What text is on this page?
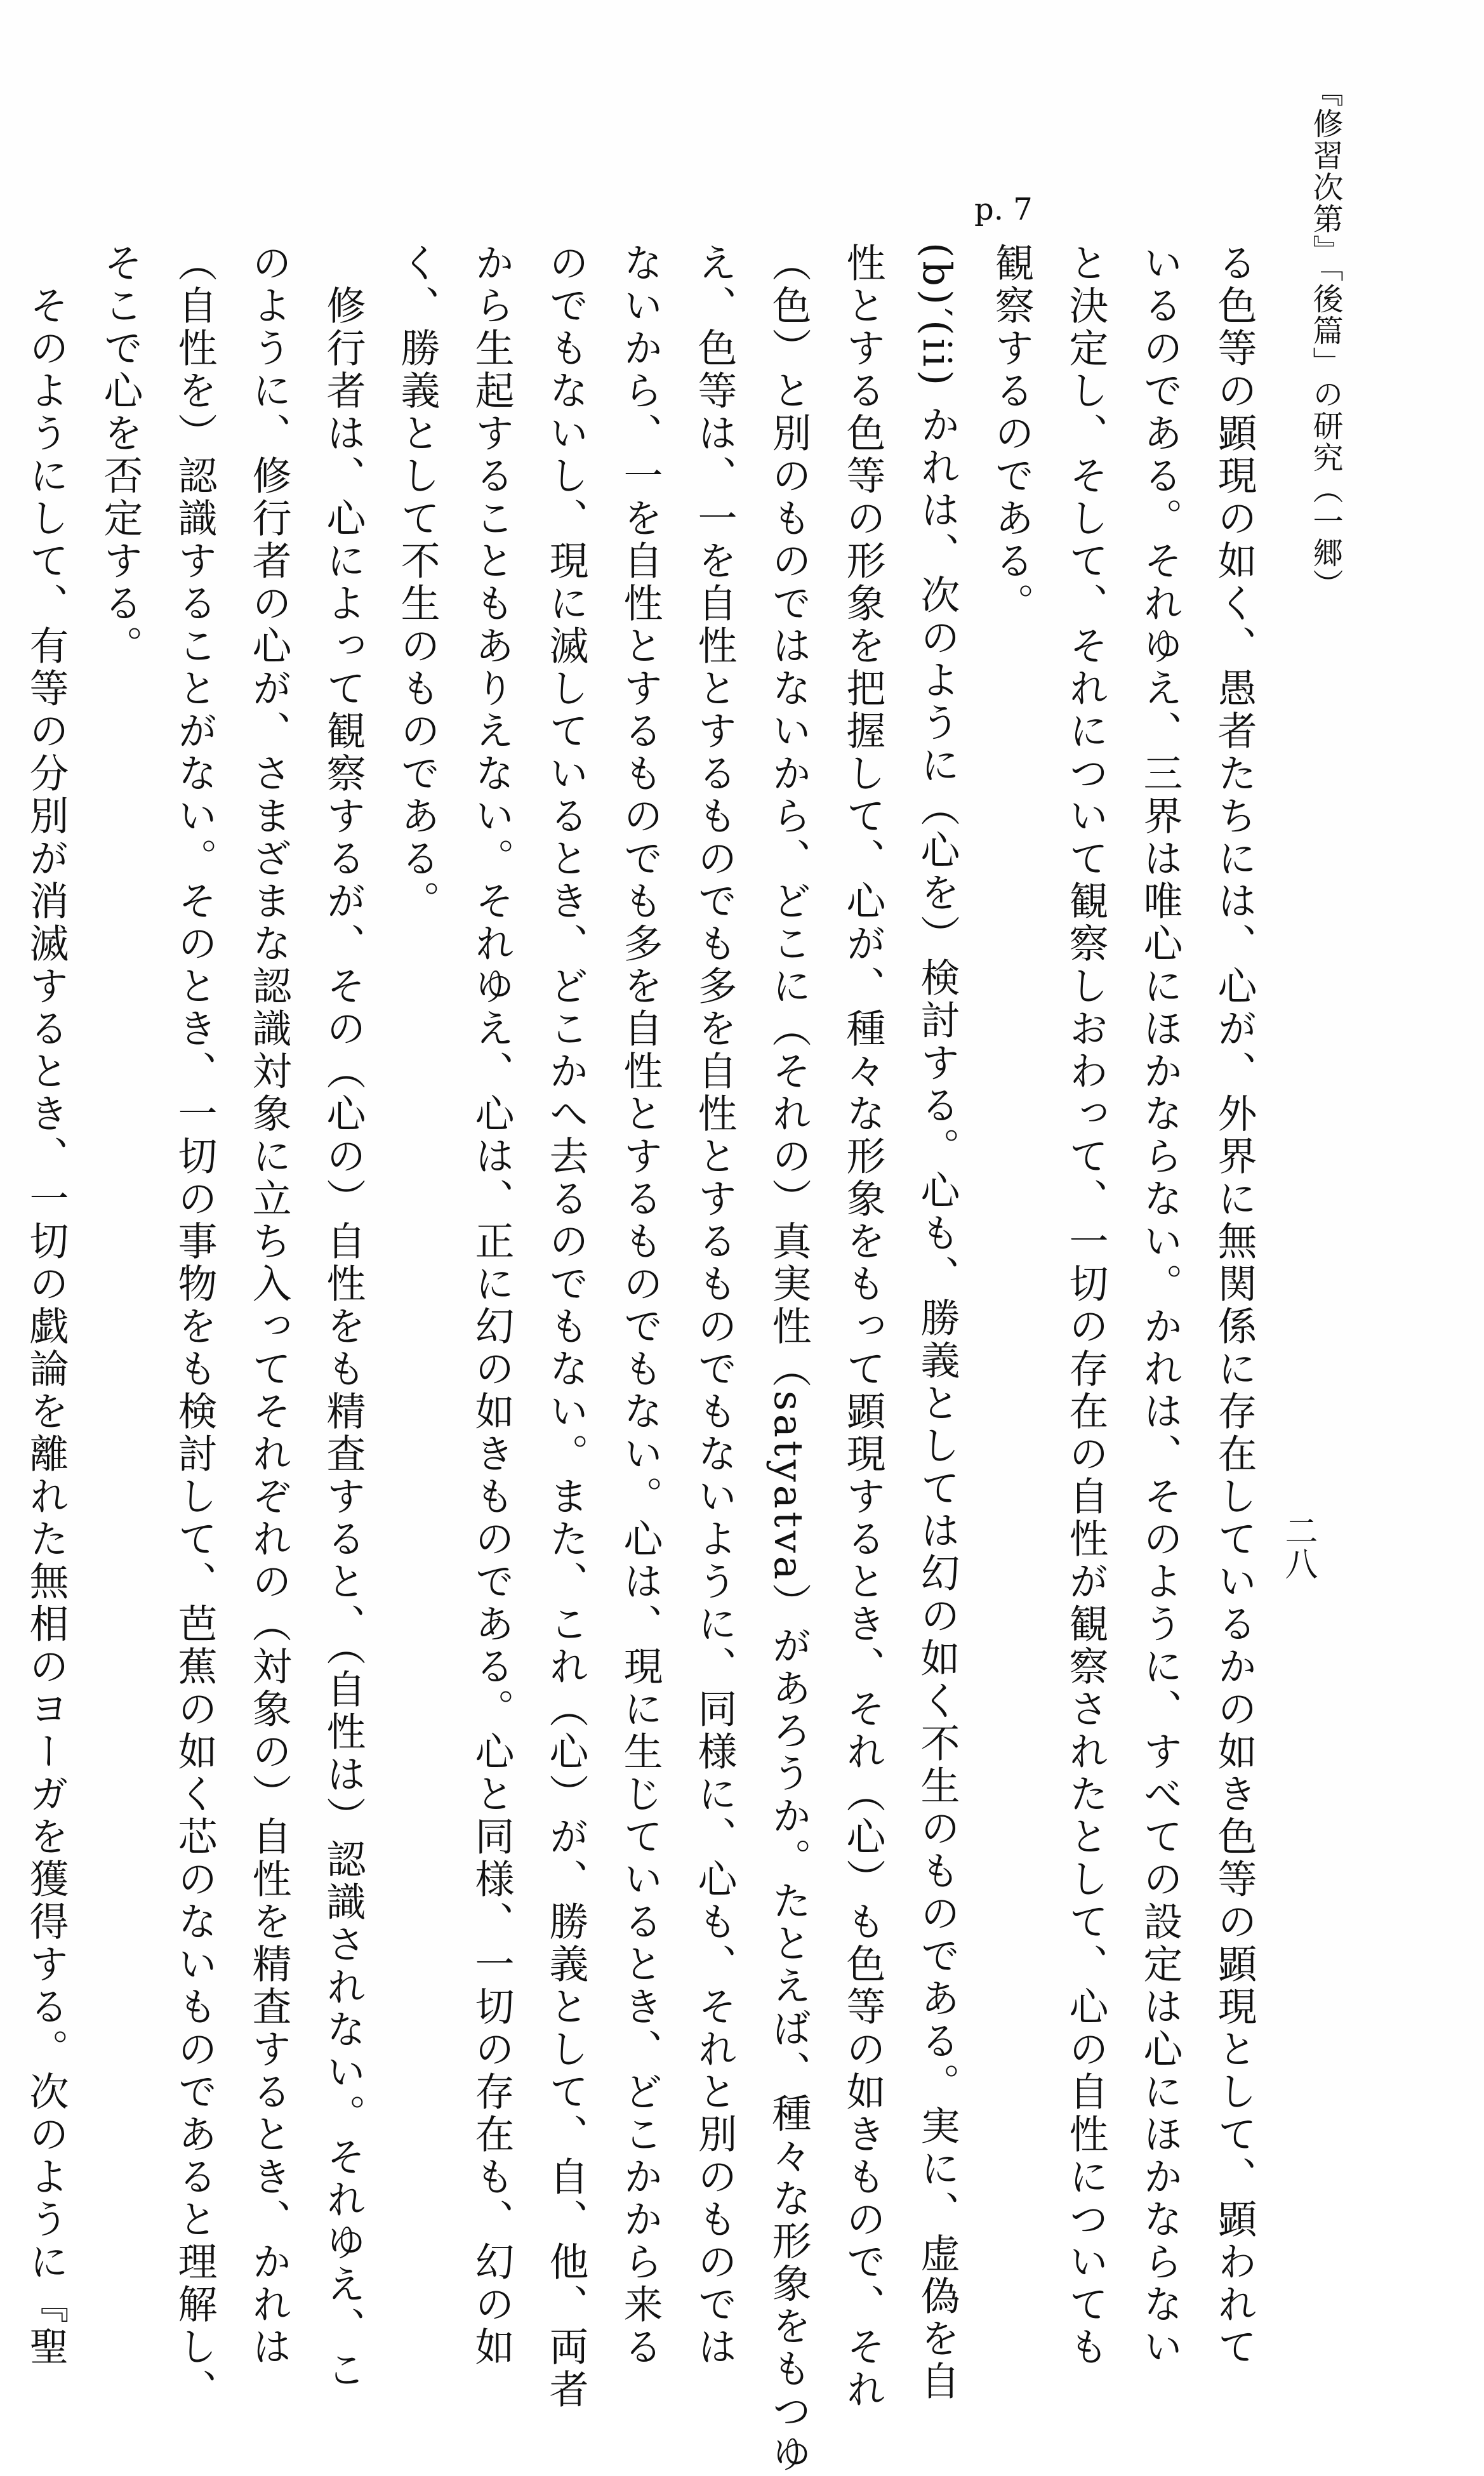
『修習次第』「後篇」の研究（一郷）
二八
p. 7
る色等の顕現の如く、愚者たちには、心が、外界に無関係に存在しているかの如き色等の顕現として、顕われて
いるのである。それゆえ、三界は唯心にほかならない。かれは、そのように、すべての設定は心にほかならない
と決定し、そして、それについて観察しおわって、一切の存在の自性が観察されたとして、心の自性についても
観察するのである。
(b)′(ii) かれは、次のように（心を）検討する。心も、勝義としては幻の如く不生のものである。実に、虚偽を自
性とする色等の形象を把握して、心が、種々な形象をもって顕現するとき、それ（心）も色等の如きもので、それ
（色）と別のものではないから、どこに（それの）真実性（satyatva）があろうか。たとえば、種々な形象をもつゆ
え、色等は、一を自性とするものでも多を自性とするものでもないように、同様に、心も、それと別のものでは
ないから、一を自性とするものでも多を自性とするものでもない。心は、現に生じているとき、どこかから来る
のでもないし、現に滅しているとき、どこかへ去るのでもない。また、これ（心）が、勝義として、自、他、両者
から生起することもありえない。それゆえ、心は、正に幻の如きものである。心と同様、一切の存在も、幻の如
く、勝義として不生のものである。
　修行者は、心によって観察するが、その（心の）自性をも精査すると、（自性は）認識されない。それゆえ、こ
のように、修行者の心が、さまざまな認識対象に立ち入ってそれぞれの（対象の）自性を精査するとき、かれは
（自性を）認識することがない。そのとき、一切の事物をも検討して、芭蕉の如く芯のないものであると理解し、
そこで心を否定する。
　そのようにして、有等の分別が消滅するとき、一切の戯論を離れた無相のヨーガを獲得する。次のように『聖
